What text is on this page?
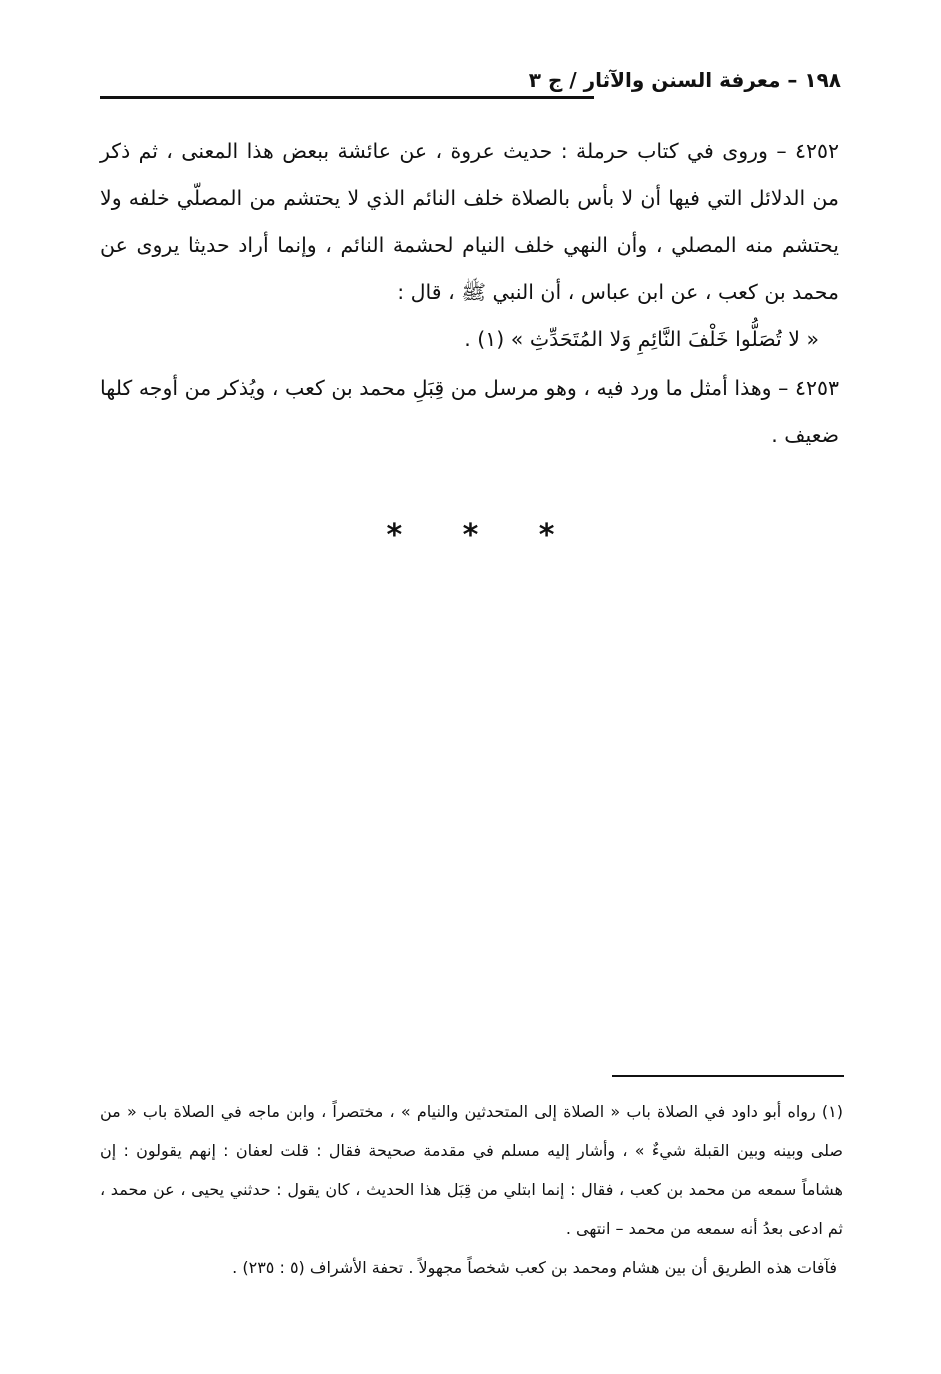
١٩٨ – معرفة السنن والآثار / ج ٣

٤٢٥٢ – وروى في كتاب حرملة : حديث عروة ، عن عائشة ببعض هذا المعنى ، ثم ذكر من الدلائل التي فيها أن لا بأس بالصلاة خلف النائم الذي لا يحتشم من المصلّي خلفه ولا يحتشم منه المصلي ، وأن النهي خلف النيام لحشمة النائم ، وإنما أراد حديثا يروى عن محمد بن كعب ، عن ابن عباس ، أن النبي ﷺ ، قال :

« لا تُصَلُّوا خَلْفَ النَّائِمِ وَلا المُتَحَدِّثِ » (١) .

٤٢٥٣ – وهذا أمثل ما ورد فيه ، وهو مرسل من قِبَلِ محمد بن كعب ، ويُذكر من أوجه كلها ضعيف .

* * *

(١) رواه أبو داود في الصلاة باب « الصلاة إلى المتحدثين والنيام » ، مختصراً ، وابن ماجه في الصلاة باب « من صلى وبينه وبين القبلة شيءٌ » ، وأشار إليه مسلم في مقدمة صحيحة فقال : قلت لعفان : إنهم يقولون : إن هشاماً سمعه من محمد بن كعب ، فقال : إنما ابتلي من قِبَل هذا الحديث ، كان يقول : حدثني يحيى ، عن محمد ، ثم ادعى بعدُ أنه سمعه من محمد – انتهى .

فآفات هذه الطريق أن بين هشام ومحمد بن كعب شخصاً مجهولاً . تحفة الأشراف (٥ : ٢٣٥) .
